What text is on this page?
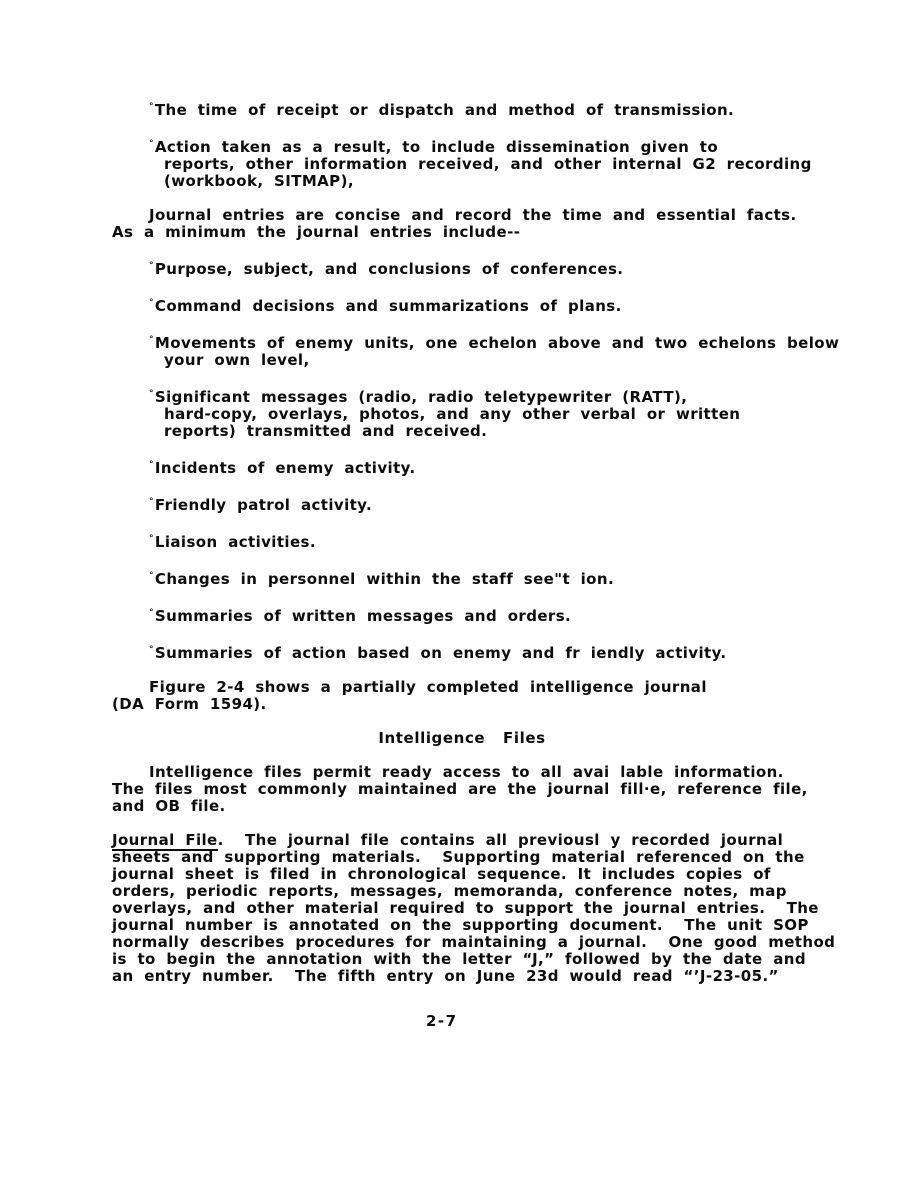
°The time of receipt or dispatch and method of transmission.
°Action taken as a result, to include dissemination given to
reports, other information received, and other internal G2 recording
(workbook, SITMAP),
Journal entries are concise and record the time and essential facts.
As a minimum the journal entries include--
°Purpose, subject, and conclusions of conferences.
°Command decisions and summarizations of plans.
°Movements of enemy units, one echelon above and two echelons below
your own level,
°Significant messages (radio, radio teletypewriter (RATT),
hard-copy, overlays, photos, and any other verbal or written
reports) transmitted and received.
°Incidents of enemy activity.
°Friendly patrol activity.
°Liaison activities.
°Changes in personnel within the staff see"t ion.
°Summaries of written messages and orders.
°Summaries of action based on enemy and fr iendly activity.
Figure 2-4 shows a partially completed intelligence journal
(DA Form 1594).
Intelligence Files
Intelligence files permit ready access to all avai lable information.
The files most commonly maintained are the journal fill·e, reference file,
and OB file.
Journal File.  The journal file contains all previousl y recorded journal
sheets and supporting materials.  Supporting material referenced on the
journal sheet is filed in chronological sequence. It includes copies of
orders, periodic reports, messages, memoranda, conference notes, map
overlays, and other material required to support the journal entries.  The
journal number is annotated on the supporting document.  The unit SOP
normally describes procedures for maintaining a journal.  One good method
is to begin the annotation with the letter “J,” followed by the date and
an entry number.  The fifth entry on June 23d would read “’J-23-05.”
2-7
